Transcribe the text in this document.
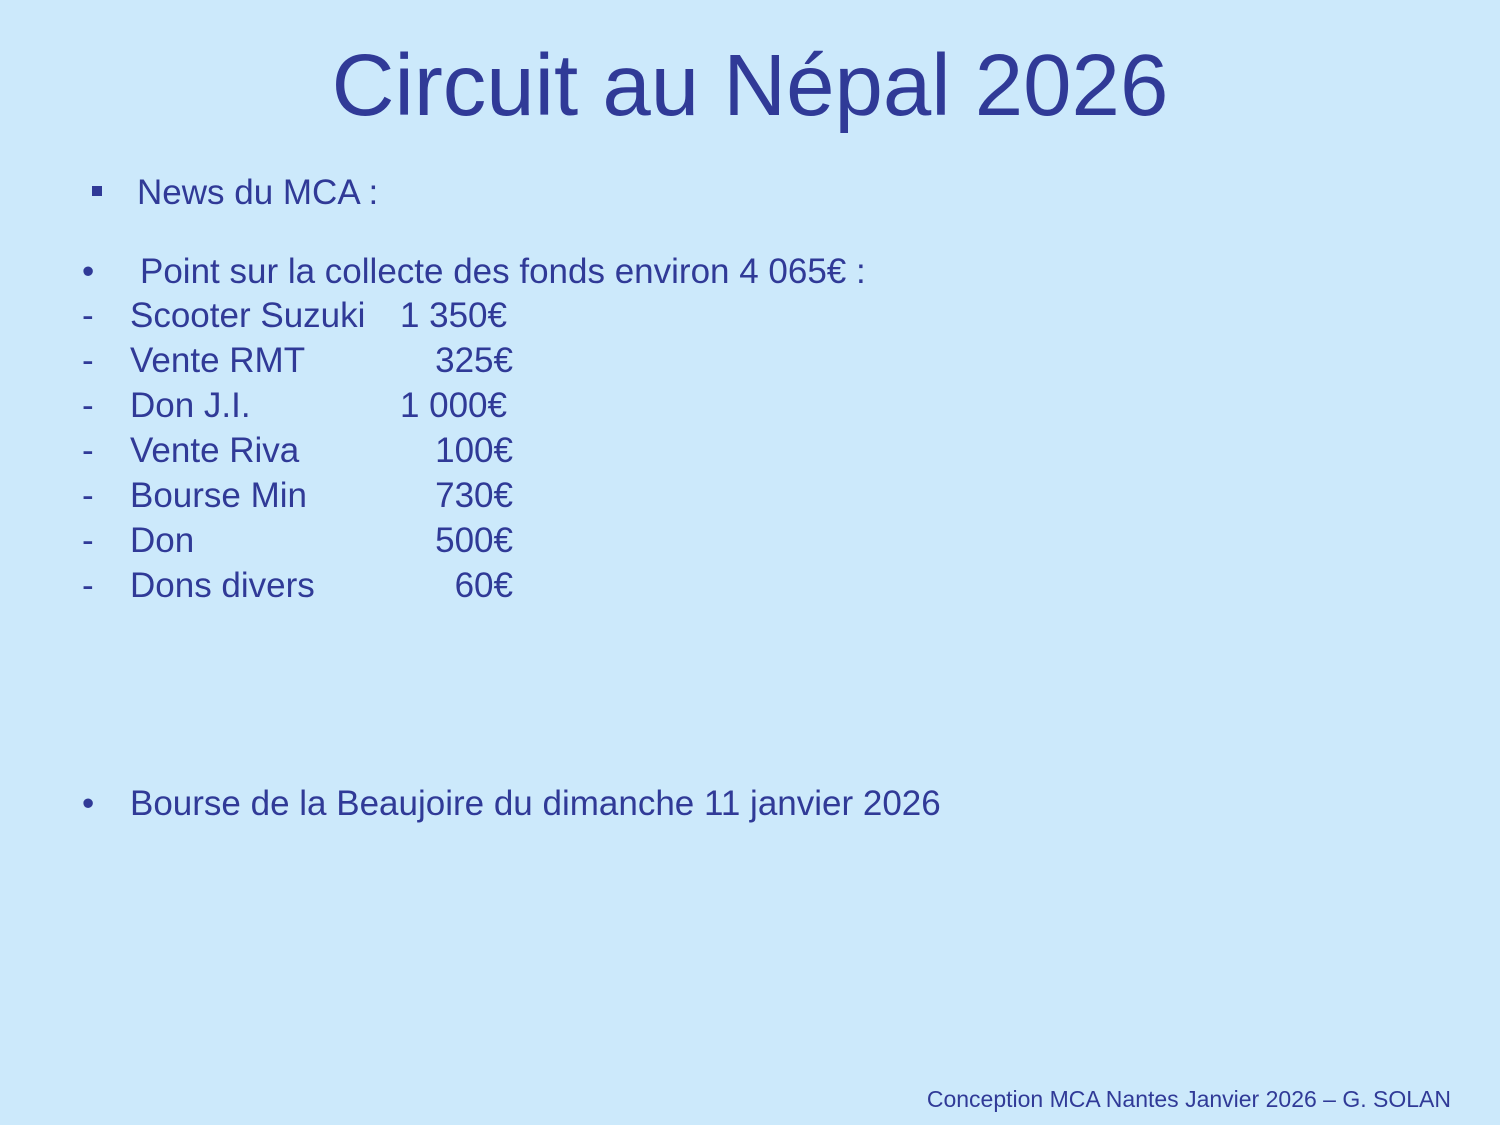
Circuit au Népal 2026
News du MCA :
• Point sur la collecte des fonds environ 4 065€ :
- Scooter Suzuki 1 350€
- Vente RMT	325€
- Don J.I.	1 000€
- Vente Riva	100€
- Bourse Min	730€
- Don	500€
- Dons divers	60€
• Bourse de la Beaujoire du dimanche 11 janvier 2026
Conception MCA Nantes Janvier 2026 – G. SOLAN
